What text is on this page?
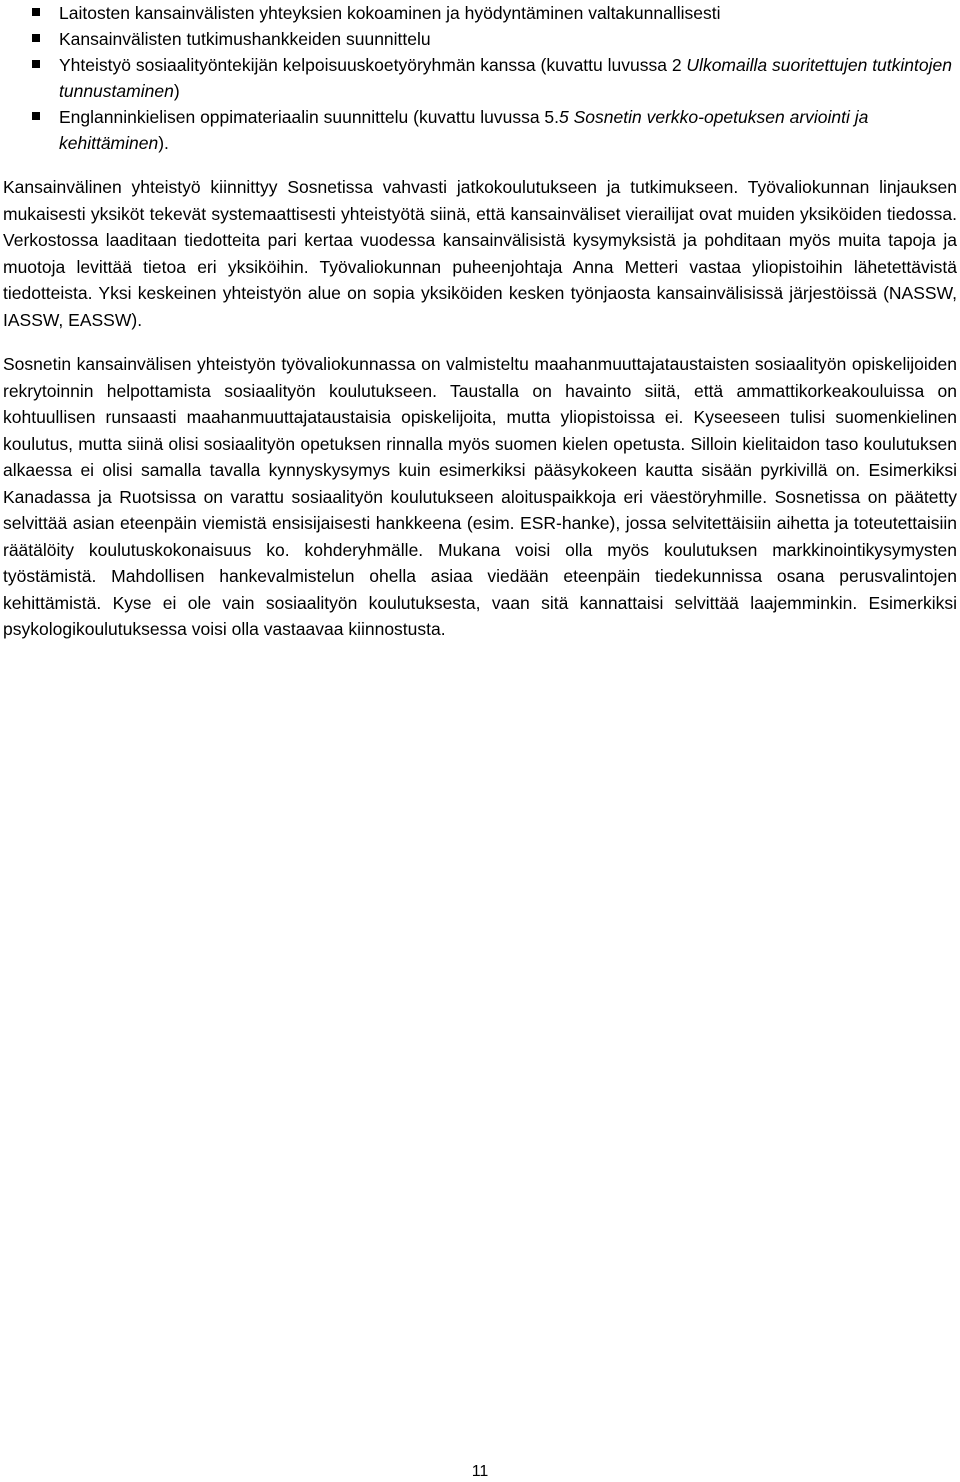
Laitosten kansainvälisten yhteyksien kokoaminen ja hyödyntäminen valtakunnallisesti
Kansainvälisten tutkimushankkeiden suunnittelu
Yhteistyö sosiaalityöntekijän kelpoisuuskoetyöryhmän kanssa (kuvattu luvussa 2 Ulkomailla suoritettujen tutkintojen tunnustaminen)
Englanninkielisen oppimateriaalin suunnittelu (kuvattu luvussa 5.5 Sosnetin verkko-opetuksen arviointi ja kehittäminen).

Kansainvälinen yhteistyö kiinnittyy Sosnetissa vahvasti jatkokoulutukseen ja tutkimukseen. Työvaliokunnan linjauksen mukaisesti yksiköt tekevät systemaattisesti yhteistyötä siinä, että kansainväliset vierailijat ovat muiden yksiköiden tiedossa. Verkostossa laaditaan tiedotteita pari kertaa vuodessa kansainvälisistä kysymyksistä ja pohditaan myös muita tapoja ja muotoja levittää tietoa eri yksiköihin. Työvaliokunnan puheenjohtaja Anna Metteri vastaa yliopistoihin lähetettävistä tiedotteista. Yksi keskeinen yhteistyön alue on sopia yksiköiden kesken työnjaosta kansainvälisissä järjestöissä (NASSW, IASSW, EASSW).

Sosnetin kansainvälisen yhteistyön työvaliokunnassa on valmisteltu maahanmuuttajataustaisten sosiaalityön opiskelijoiden rekrytoinnin helpottamista sosiaalityön koulutukseen. Taustalla on havainto siitä, että ammattikorkeakouluissa on kohtuullisen runsaasti maahanmuuttajataustaisia opiskelijoita, mutta yliopistoissa ei. Kyseeseen tulisi suomenkielinen koulutus, mutta siinä olisi sosiaalityön opetuksen rinnalla myös suomen kielen opetusta. Silloin kielitaidon taso koulutuksen alkaessa ei olisi samalla tavalla kynnyskysymys kuin esimerkiksi pääsykokeen kautta sisään pyrkivillä on. Esimerkiksi Kanadassa ja Ruotsissa on varattu sosiaalityön koulutukseen aloituspaikkoja eri väestöryhmille. Sosnetissa on päätetty selvittää asian eteenpäin viemistä ensisijaisesti hankkeena (esim. ESR-hanke), jossa selvitettäisiin aihetta ja toteutettaisiin räätälöity koulutuskokonaisuus ko. kohderyhmälle. Mukana voisi olla myös koulutuksen markkinointikysymysten työstämistä. Mahdollisen hankevalmistelun ohella asiaa viedään eteenpäin tiedekunnissa osana perusvalintojen kehittämistä. Kyse ei ole vain sosiaalityön koulutuksesta, vaan sitä kannattaisi selvittää laajemminkin. Esimerkiksi psykologikoulutuksessa voisi olla vastaavaa kiinnostusta.

11
